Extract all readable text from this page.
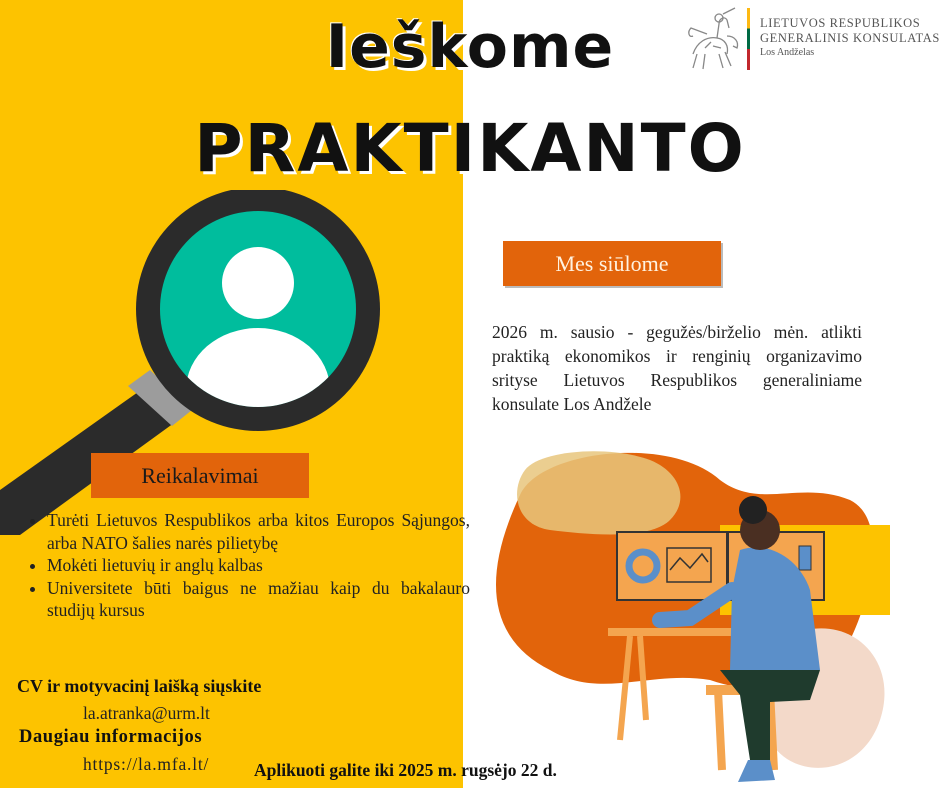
Ieškome
PRAKTIKANTO
LIETUVOS RESPUBLIKOS
GENERALINIS KONSULATAS
Los Andželas
Mes siūlome

2026 m. sausio - gegužės/birželio mėn. atlikti praktiką ekonomikos ir renginių organizavimo srityse Lietuvos Respublikos generaliniame konsulate Los Andžele

Reikalavimai
• Turėti Lietuvos Respublikos arba kitos Europos Sąjungos, arba NATO šalies narės pilietybę
• Mokėti lietuvių ir anglų kalbas
• Universitete būti baigus ne mažiau kaip du bakalauro studijų kursus

CV ir motyvacinį laišką siųskite

la.atranka@urm.lt

Daugiau informacijos

https://la.mfa.lt/	Aplikuoti galite iki 2025 m. rugsėjo 22 d.
